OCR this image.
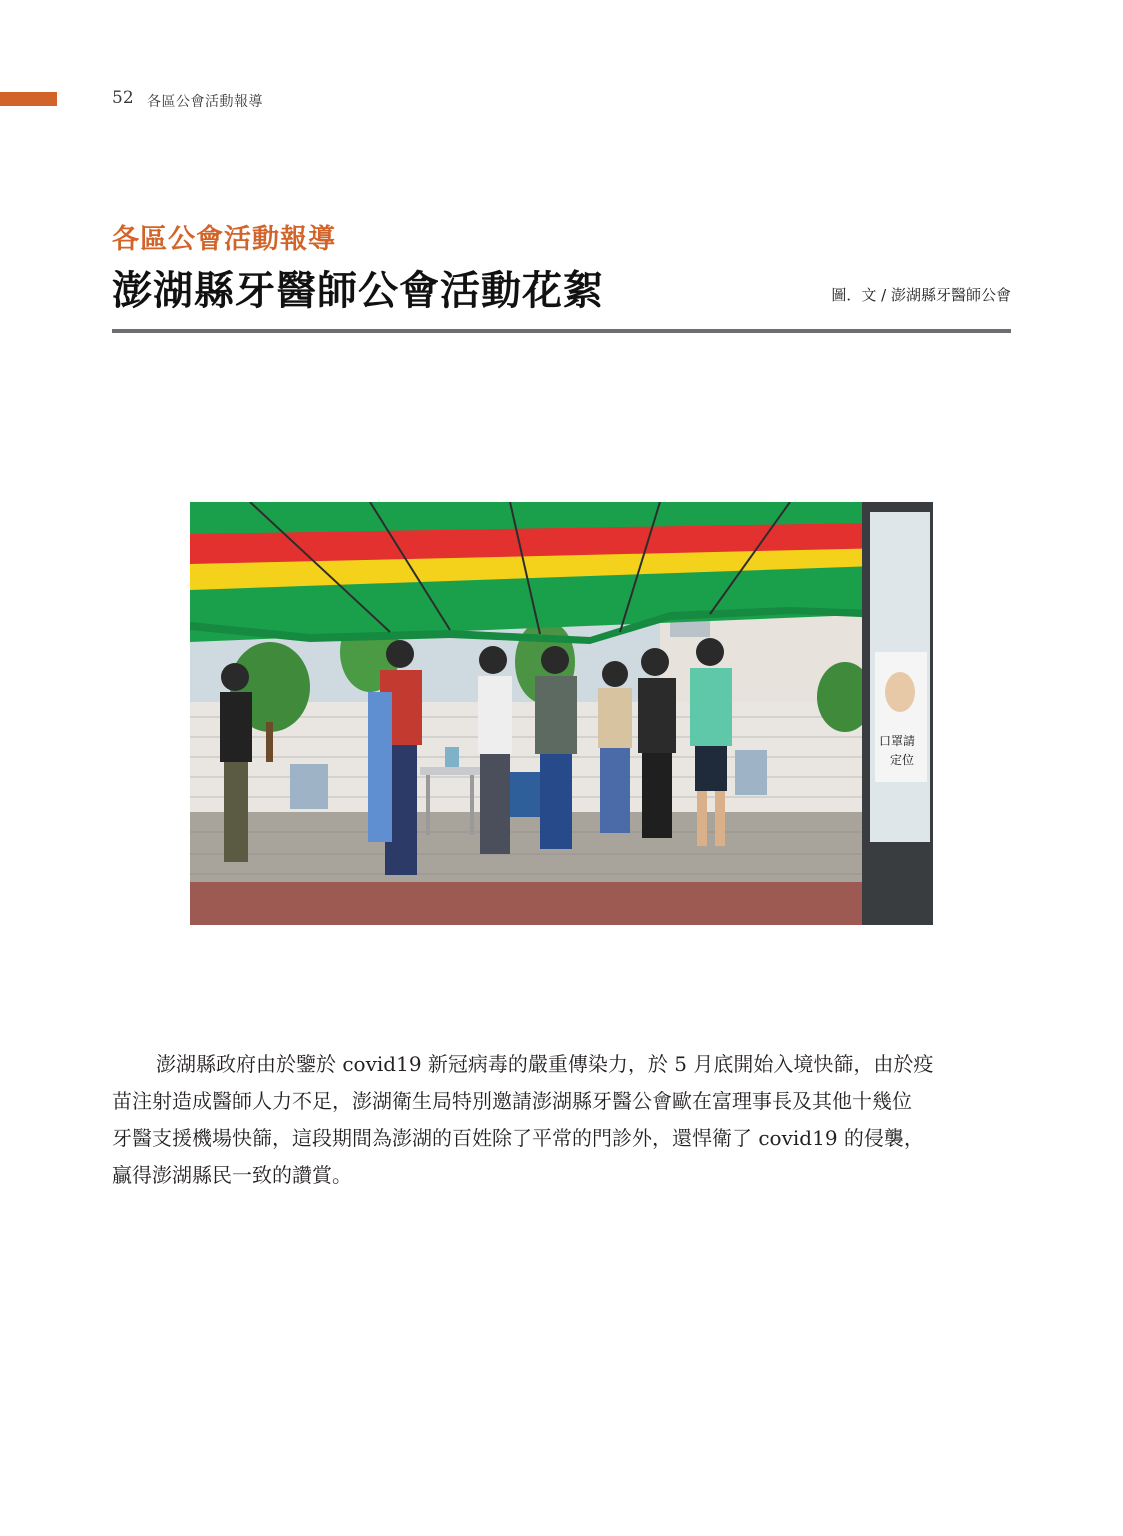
52 各區公會活動報導
各區公會活動報導
澎湖縣牙醫師公會活動花絮	圖．文 / 澎湖縣牙醫師公會
口罩請
定位
澎湖縣政府由於鑒於 covid19 新冠病毒的嚴重傳染力，於 5 月底開始入境快篩，由於疫
苗注射造成醫師人力不足，澎湖衛生局特別邀請澎湖縣牙醫公會歐在富理事長及其他十幾位
牙醫支援機場快篩，這段期間為澎湖的百姓除了平常的門診外，還悍衛了 covid19 的侵襲，
贏得澎湖縣民一致的讚賞。
